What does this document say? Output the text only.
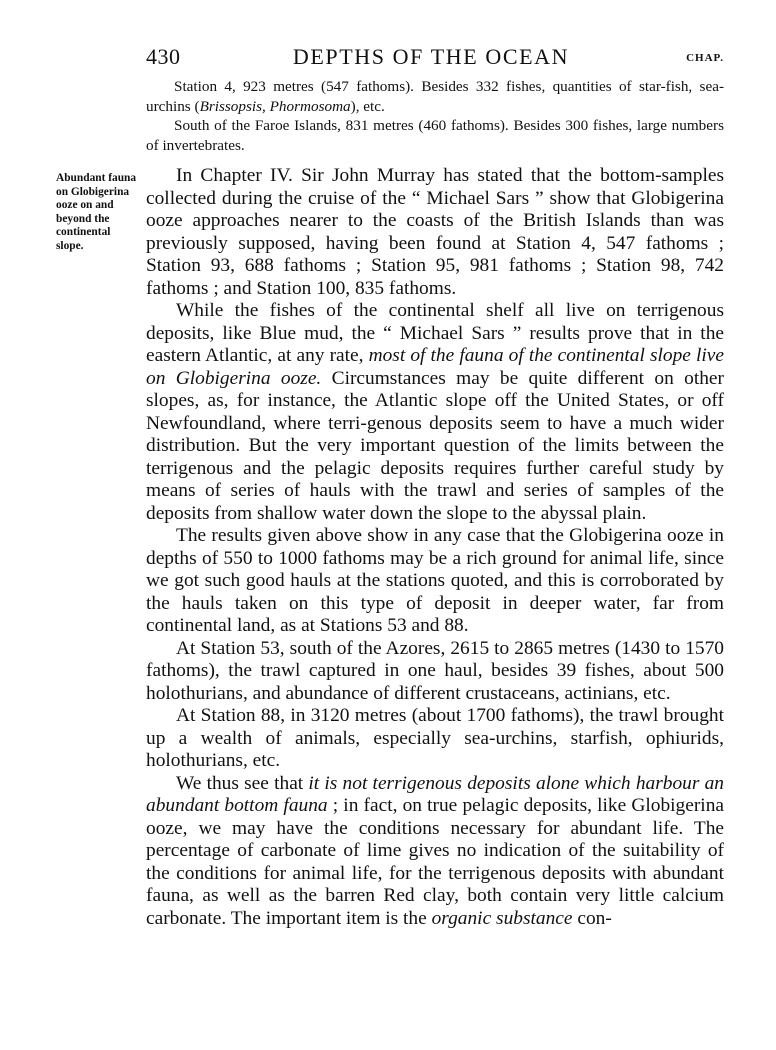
430	DEPTHS OF THE OCEAN	CHAP.

Station 4, 923 metres (547 fathoms). Besides 332 fishes, quantities of star-fish, sea-urchins (Brissopsis, Phormosoma), etc.

South of the Faroe Islands, 831 metres (460 fathoms). Besides 300 fishes, large numbers of invertebrates.

Abundant fauna on Globigerina ooze on and beyond the continental slope.

In Chapter IV. Sir John Murray has stated that the bottom-samples collected during the cruise of the “ Michael Sars ” show that Globigerina ooze approaches nearer to the coasts of the British Islands than was previously supposed, having been found at Station 4, 547 fathoms ; Station 93, 688 fathoms ; Station 95, 981 fathoms ; Station 98, 742 fathoms ; and Station 100, 835 fathoms.

While the fishes of the continental shelf all live on terrigenous deposits, like Blue mud, the “ Michael Sars ” results prove that in the eastern Atlantic, at any rate, most of the fauna of the continental slope live on Globigerina ooze. Circumstances may be quite different on other slopes, as, for instance, the Atlantic slope off the United States, or off Newfoundland, where terri-genous deposits seem to have a much wider distribution. But the very important question of the limits between the terrigenous and the pelagic deposits requires further careful study by means of series of hauls with the trawl and series of samples of the deposits from shallow water down the slope to the abyssal plain.

The results given above show in any case that the Globigerina ooze in depths of 550 to 1000 fathoms may be a rich ground for animal life, since we got such good hauls at the stations quoted, and this is corroborated by the hauls taken on this type of deposit in deeper water, far from continental land, as at Stations 53 and 88.

At Station 53, south of the Azores, 2615 to 2865 metres (1430 to 1570 fathoms), the trawl captured in one haul, besides 39 fishes, about 500 holothurians, and abundance of different crustaceans, actinians, etc.

At Station 88, in 3120 metres (about 1700 fathoms), the trawl brought up a wealth of animals, especially sea-urchins, starfish, ophiurids, holothurians, etc.

We thus see that it is not terrigenous deposits alone which harbour an abundant bottom fauna ; in fact, on true pelagic deposits, like Globigerina ooze, we may have the conditions necessary for abundant life. The percentage of carbonate of lime gives no indication of the suitability of the conditions for animal life, for the terrigenous deposits with abundant fauna, as well as the barren Red clay, both contain very little calcium carbonate. The important item is the organic substance con-
